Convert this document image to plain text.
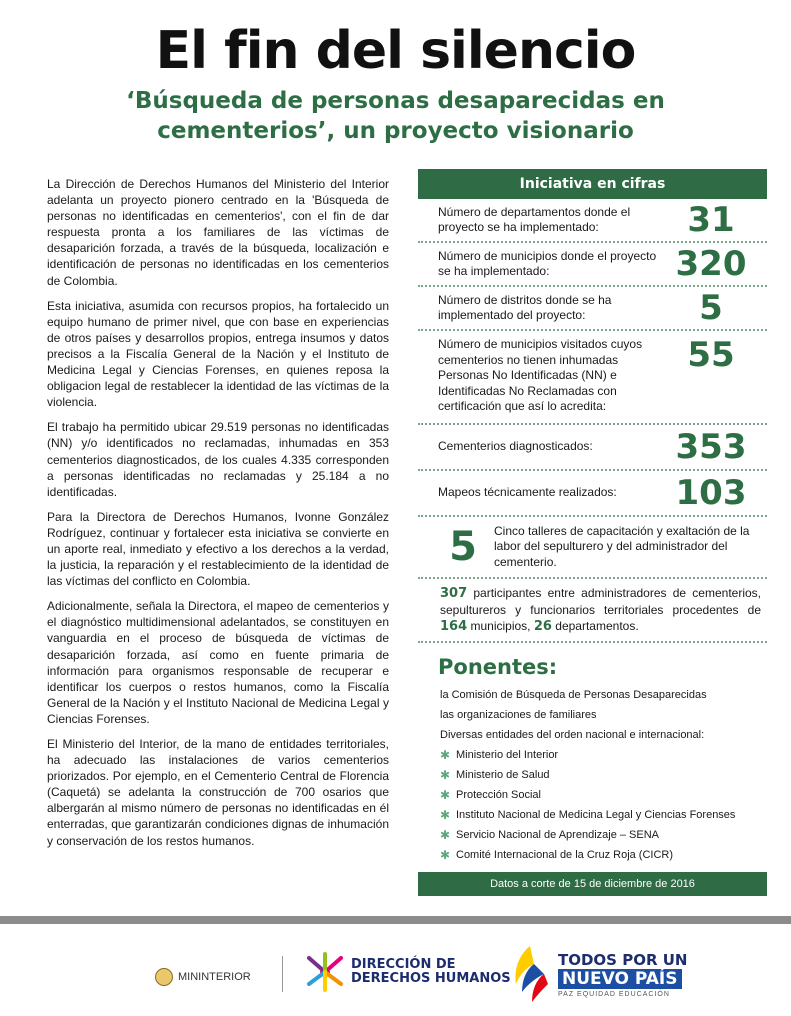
El fin del silencio
‘Búsqueda de personas desaparecidas en
cementerios’, un proyecto visionario

La Dirección de Derechos Humanos del Ministerio del Interior adelanta un proyecto pionero centrado en la 'Búsqueda de personas no identificadas en cementerios', con el fin de dar respuesta pronta a los familiares de las víctimas de desaparición forzada, a través de la búsqueda, localización e identificación de personas no identificadas en los cementerios de Colombia.

Esta iniciativa, asumida con recursos propios, ha fortalecido un equipo humano de primer nivel, que con base en experiencias de otros países y desarrollos propios, entrega insumos y datos precisos a la Fiscalía General de la Nación y el Instituto de Medicina Legal y Ciencias Forenses, en quienes reposa la obligacion legal de restablecer la identidad de las víctimas de la violencia.

El trabajo ha permitido ubicar 29.519 personas no identificadas (NN) y/o identificados no reclamadas, inhumadas en 353 cementerios diagnosticados, de los cuales 4.335 corresponden a personas identificadas no reclamadas y 25.184 a no identificadas.

Para la Directora de Derechos Humanos, Ivonne González Rodríguez, continuar y fortalecer esta iniciativa se convierte en un aporte real, inmediato y efectivo a los derechos a la verdad, la justicia, la reparación y el restablecimiento de la identidad de las víctimas del conflicto en Colombia.

Adicionalmente, señala la Directora, el mapeo de cementerios y el diagnóstico multidimensional adelantados, se constituyen en vanguardia en el proceso de búsqueda de víctimas de desaparición forzada, así como en fuente primaria de información para organismos responsable de recuperar e identificar los cuerpos o restos humanos, como la Fiscalía General de la Nación y el Instituto Nacional de Medicina Legal y Ciencias Forenses.

El Ministerio del Interior, de la mano de entidades territoriales, ha adecuado las instalaciones de varios cementerios priorizados. Por ejemplo, en el Cementerio Central de Florencia (Caquetá) se adelanta la construcción de 700 osarios que albergarán al mismo número de personas no identificadas en él enterradas, que garantizarán condiciones dignas de inhumación y conservación de los restos humanos.

Iniciativa en cifras
Número de departamentos donde el proyecto se ha implementado:	31
Número de municipios donde el proyecto se ha implementado:	320
Número de distritos donde se ha implementado del proyecto:	5
Número de municipios visitados cuyos cementerios no tienen inhumadas Personas No Identificadas (NN) e Identificadas No Reclamadas con certificación que así lo acredita:
55
Cementerios diagnosticados:	353
Mapeos técnicamente realizados:	103
5	Cinco talleres de capacitación y exaltación de la labor del sepulturero y del administrador del cementerio.
307 participantes entre administradores de cementerios, sepultureros y funcionarios territoriales procedentes de 164 municipios, 26 departamentos.
Ponentes:
la Comisión de Búsqueda de Personas Desaparecidas
las organizaciones de familiares
Diversas entidades del orden nacional e internacional:
✱ Ministerio del Interior
✱ Ministerio de Salud
✱ Protección Social
✱ Instituto Nacional de Medicina Legal y Ciencias Forenses
✱ Servicio Nacional de Aprendizaje – SENA
✱ Comité Internacional de la Cruz Roja (CICR)
Datos a corte de 15 de diciembre de 2016
MININTERIOR
DIRECCIÓN DE
DERECHOS HUMANOS
TODOS POR UN
NUEVO PAÍS
PAZ EQUIDAD EDUCACIÓN
